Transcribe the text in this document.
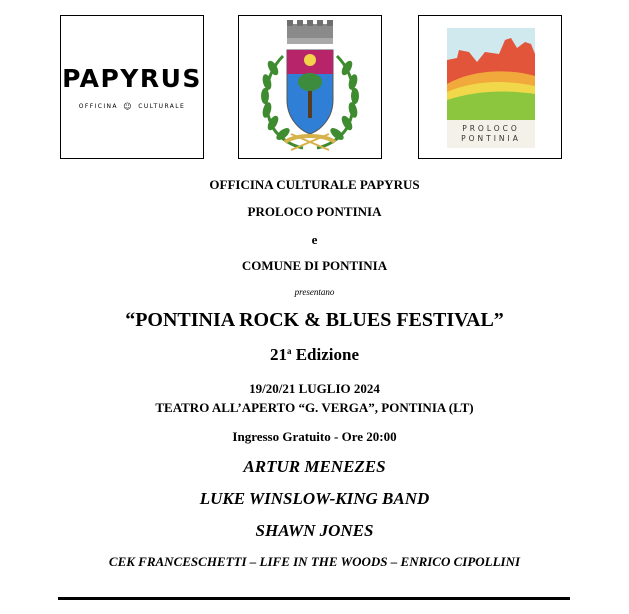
PAPYRUS
OFFICINA ☺ CULTURALE
PROLOCO
PONTINIA
OFFICINA CULTURALE PAPYRUS
PROLOCO PONTINIA
e
COMUNE DI PONTINIA
presentano
“PONTINIA ROCK & BLUES FESTIVAL”
21$^a$ Edizione
19/20/21 LUGLIO 2024
TEATRO ALL’APERTO “G. VERGA”, PONTINIA (LT)
Ingresso Gratuito - Ore 20:00
ARTUR MENEZES
LUKE WINSLOW-KING BAND
SHAWN JONES
CEK FRANCESCHETTI – LIFE IN THE WOODS – ENRICO CIPOLLINI
